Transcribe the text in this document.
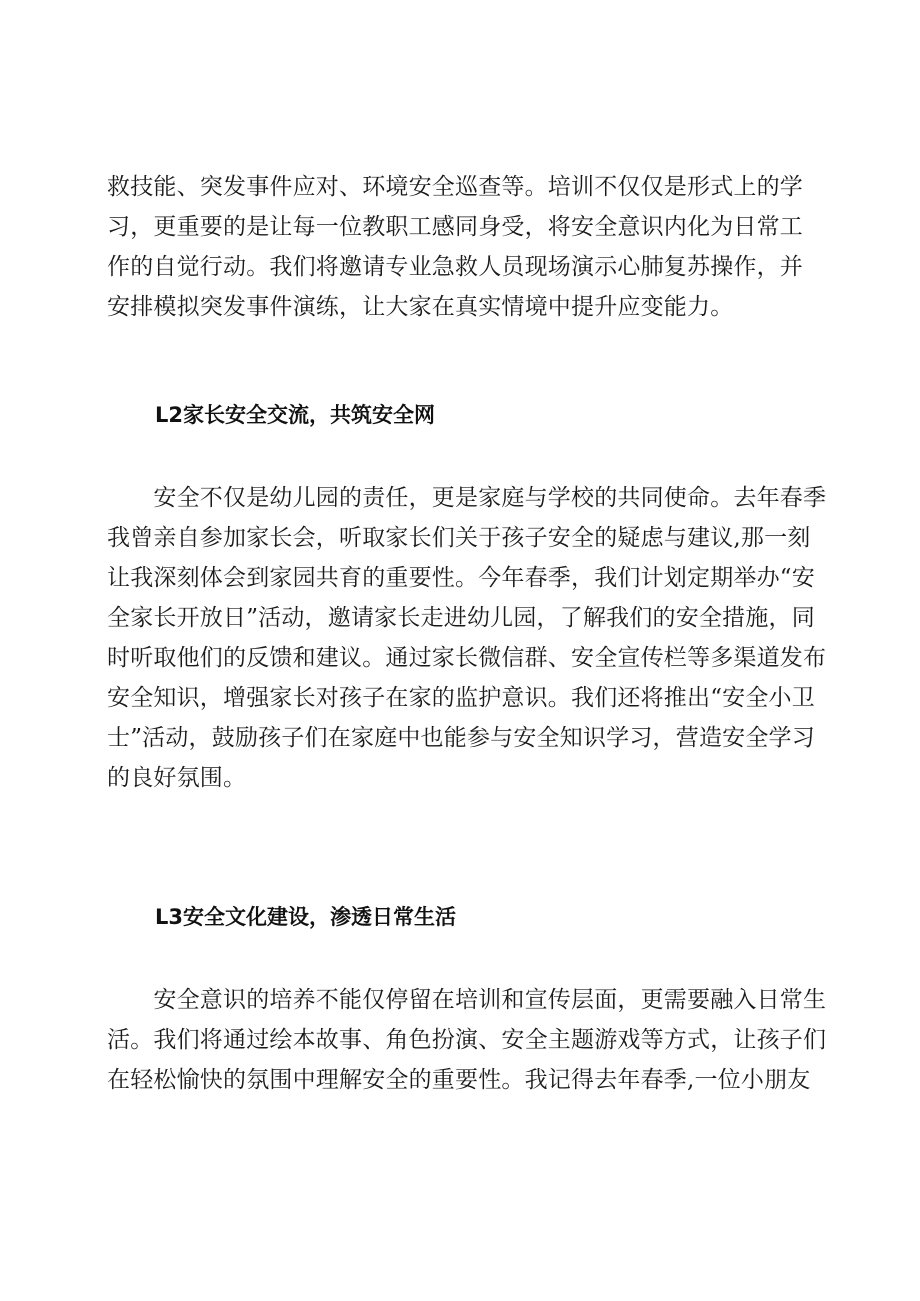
救技能、突发事件应对、环境安全巡查等。培训不仅仅是形式上的学
习，更重要的是让每一位教职工感同身受，将安全意识内化为日常工
作的自觉行动。我们将邀请专业急救人员现场演示心肺复苏操作，并
安排模拟突发事件演练，让大家在真实情境中提升应变能力。

L2家长安全交流，共筑安全网

　　安全不仅是幼儿园的责任，更是家庭与学校的共同使命。去年春季
我曾亲自参加家长会，听取家长们关于孩子安全的疑虑与建议,那一刻
让我深刻体会到家园共育的重要性。今年春季，我们计划定期举办“安
全家长开放日”活动，邀请家长走进幼儿园，了解我们的安全措施，同
时听取他们的反馈和建议。通过家长微信群、安全宣传栏等多渠道发布
安全知识，增强家长对孩子在家的监护意识。我们还将推出“安全小卫
士”活动，鼓励孩子们在家庭中也能参与安全知识学习，营造安全学习
的良好氛围。

L3安全文化建设，渗透日常生活

　　安全意识的培养不能仅停留在培训和宣传层面，更需要融入日常生
活。我们将通过绘本故事、角色扮演、安全主题游戏等方式，让孩子们
在轻松愉快的氛围中理解安全的重要性。我记得去年春季,一位小朋友
